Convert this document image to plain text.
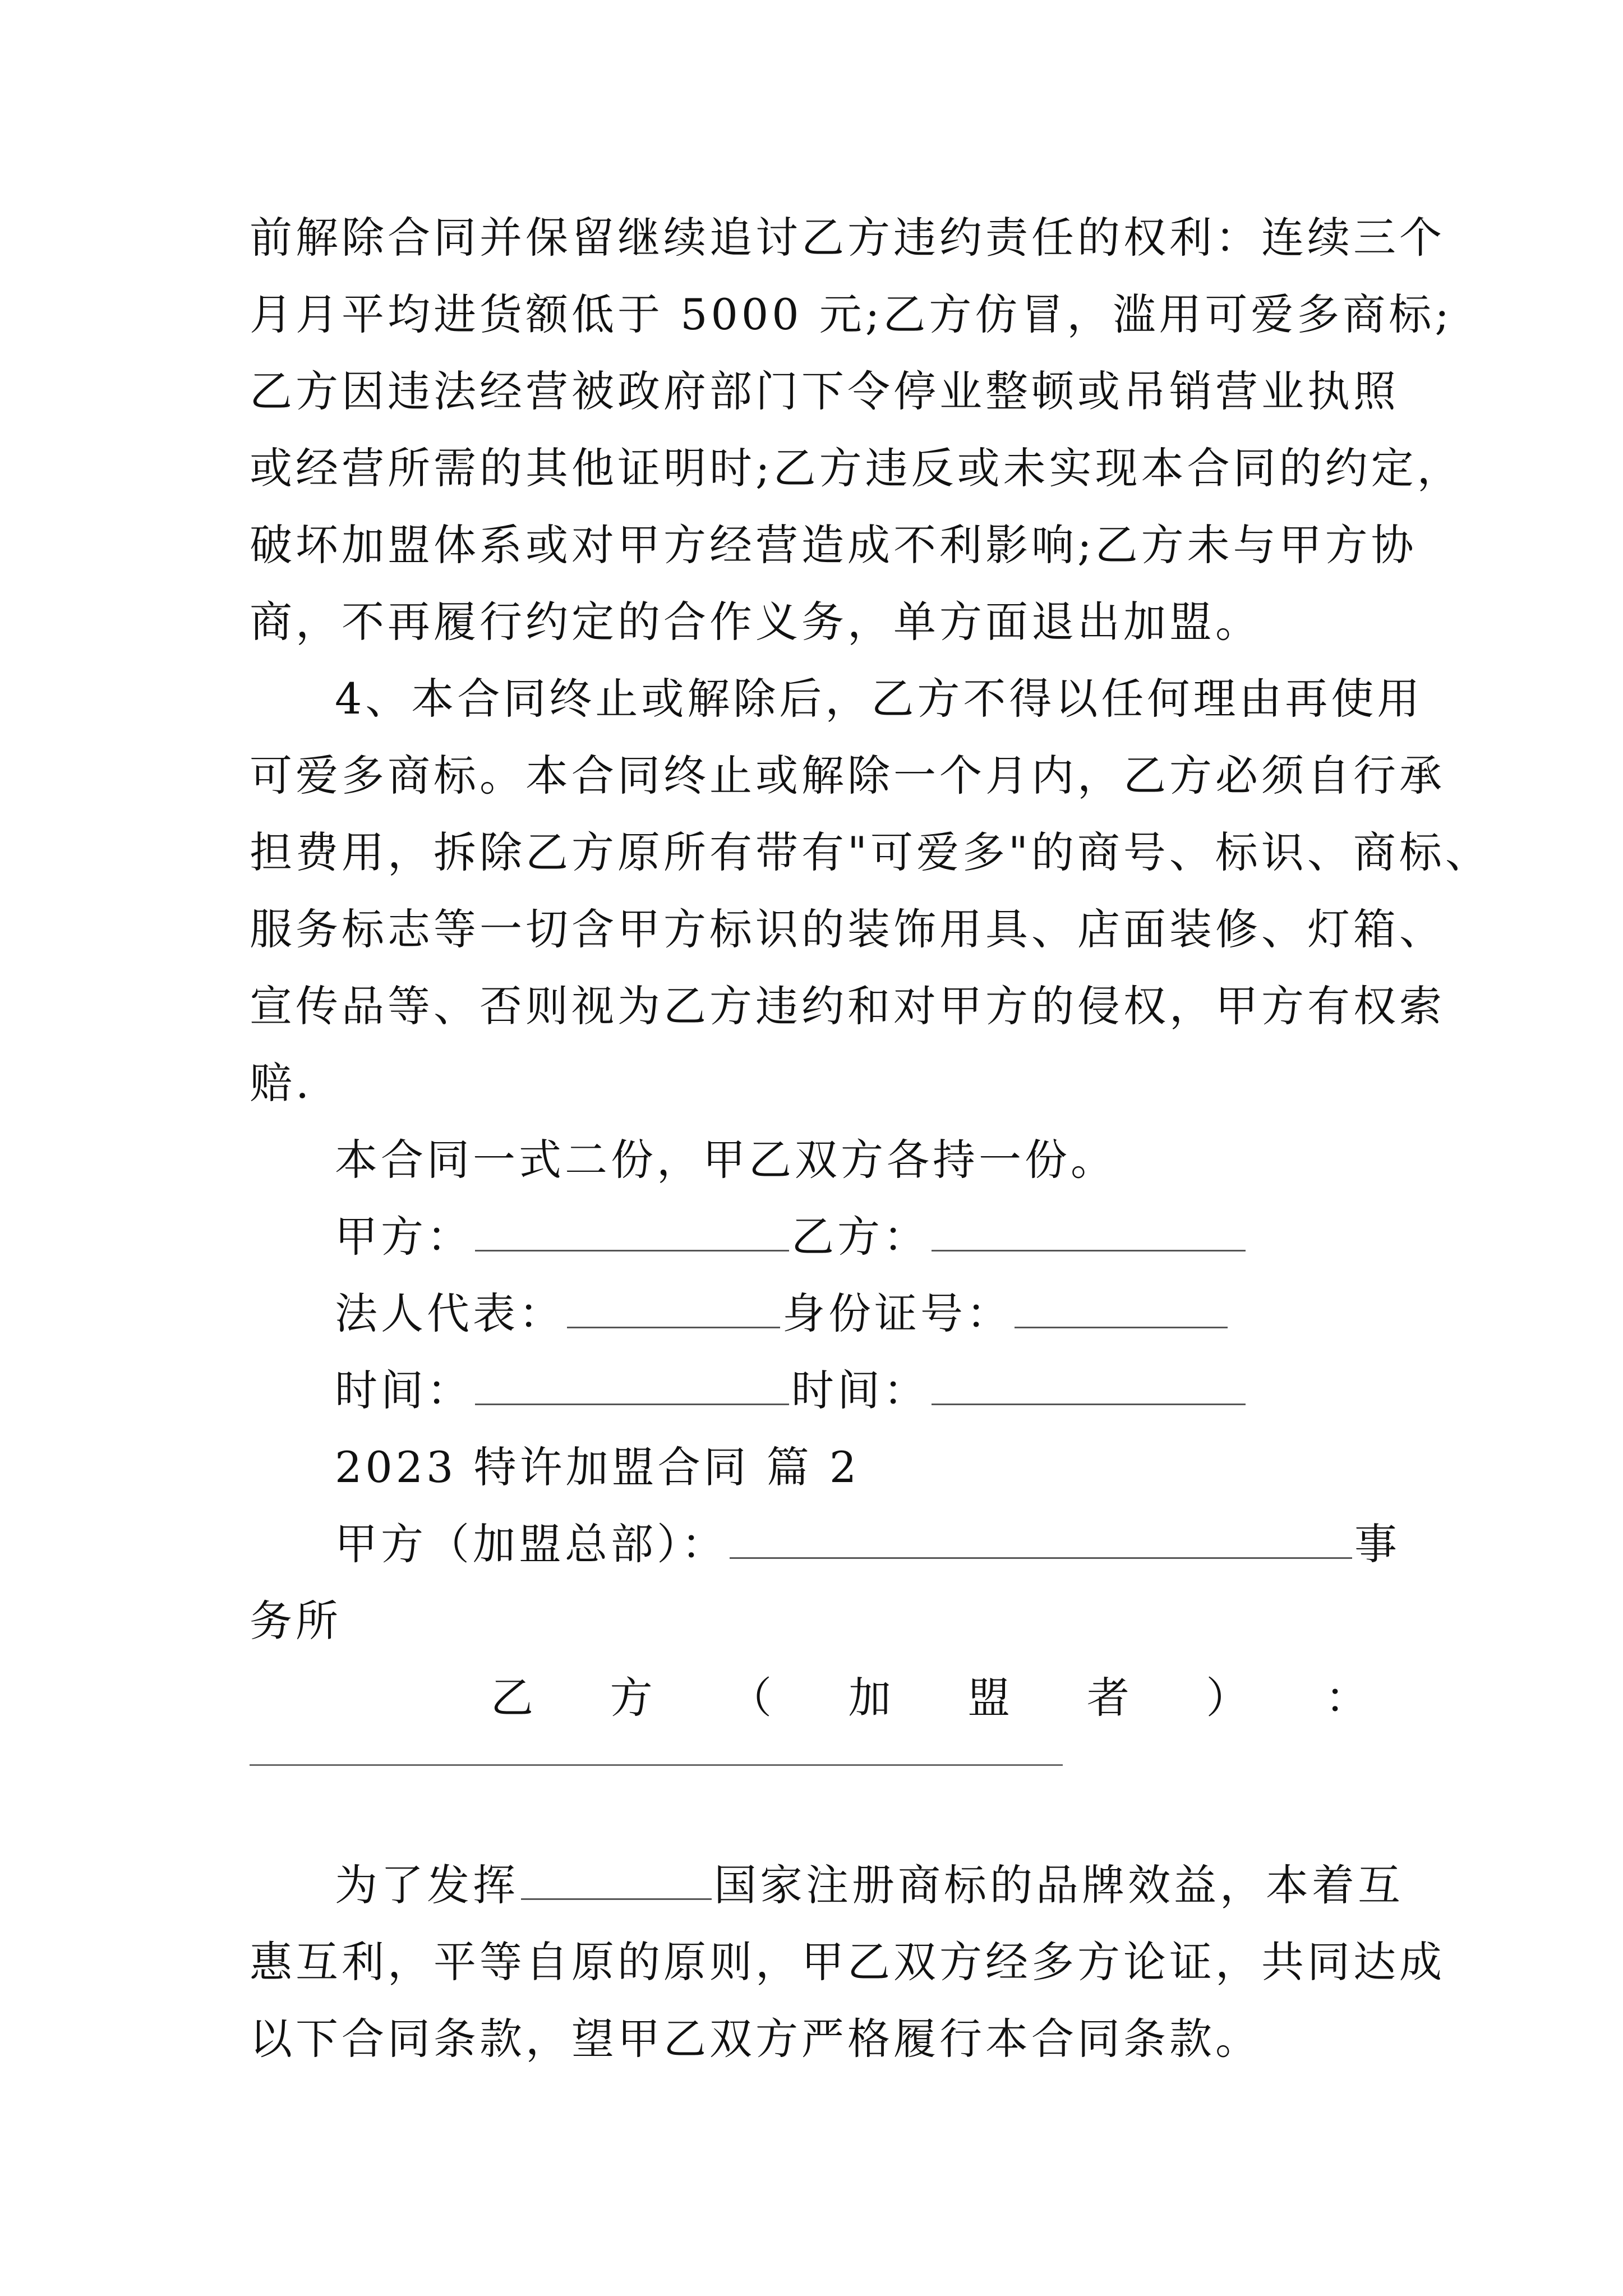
前解除合同并保留继续追讨乙方违约责任的权利：连续三个
月月平均进货额低于 5000 元;乙方仿冒，滥用可爱多商标;
乙方因违法经营被政府部门下令停业整顿或吊销营业执照
或经营所需的其他证明时;乙方违反或未实现本合同的约定，
破坏加盟体系或对甲方经营造成不利影响;乙方未与甲方协
商，不再履行约定的合作义务，单方面退出加盟。
4、本合同终止或解除后，乙方不得以任何理由再使用
可爱多商标。本合同终止或解除一个月内，乙方必须自行承
担费用，拆除乙方原所有带有"可爱多"的商号、标识、商标、
服务标志等一切含甲方标识的装饰用具、店面装修、灯箱、
宣传品等、否则视为乙方违约和对甲方的侵权，甲方有权索
赔.
本合同一式二份，甲乙双方各持一份。
甲方：	乙方：
法人代表：	身份证号：
时间：	时间：
2023 特许加盟合同 篇 2
甲方（加盟总部）：	事
务所
乙 方 （ 加 盟 者 ） ：
为了发挥	国家注册商标的品牌效益，本着互
惠互利，平等自原的原则，甲乙双方经多方论证，共同达成
以下合同条款，望甲乙双方严格履行本合同条款。
